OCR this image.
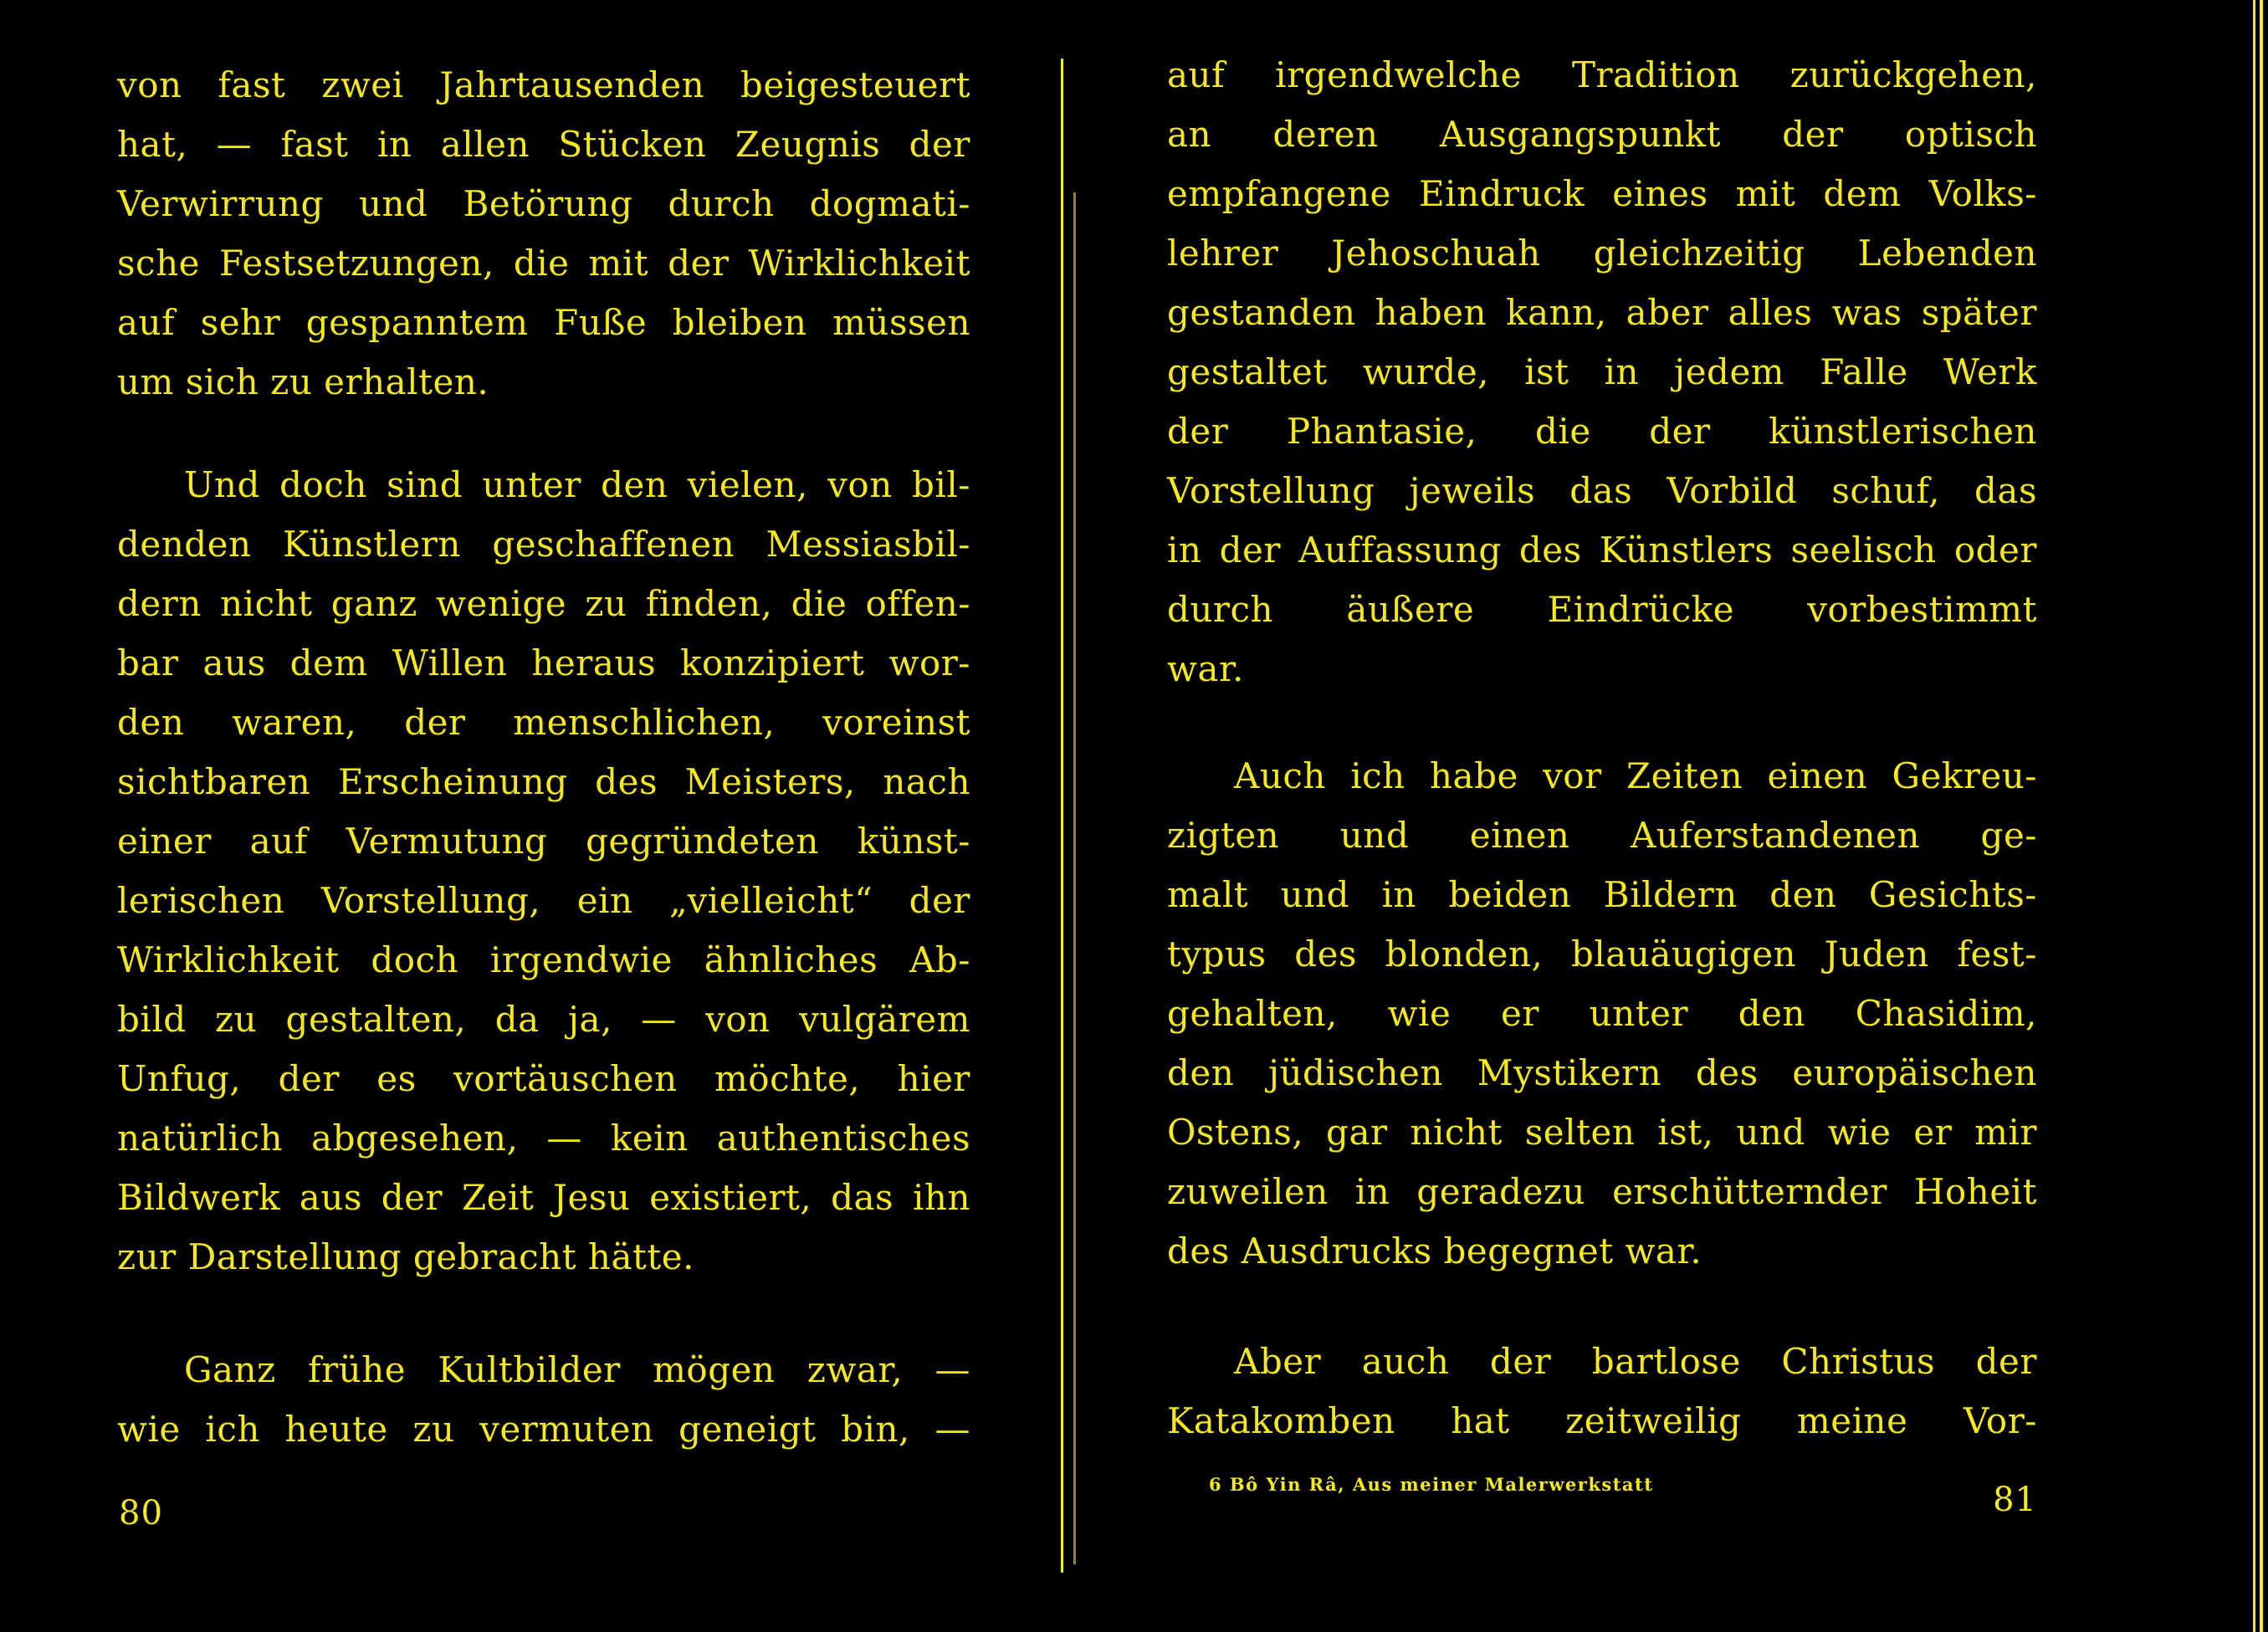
von fast zwei Jahrtausenden beigesteuert
hat, — fast in allen Stücken Zeugnis der
Verwirrung und Betörung durch dogmati-
sche Festsetzungen, die mit der Wirklichkeit
auf sehr gespanntem Fuße bleiben müssen
um sich zu erhalten.

Und doch sind unter den vielen, von bil-
denden Künstlern geschaffenen Messiasbil-
dern nicht ganz wenige zu finden, die offen-
bar aus dem Willen heraus konzipiert wor-
den waren, der menschlichen, voreinst
sichtbaren Erscheinung des Meisters, nach
einer auf Vermutung gegründeten künst-
lerischen Vorstellung, ein „vielleicht“ der
Wirklichkeit doch irgendwie ähnliches Ab-
bild zu gestalten, da ja, — von vulgärem
Unfug, der es vortäuschen möchte, hier
natürlich abgesehen, — kein authentisches
Bildwerk aus der Zeit Jesu existiert, das ihn
zur Darstellung gebracht hätte.

Ganz frühe Kultbilder mögen zwar, —
wie ich heute zu vermuten geneigt bin, —

80

auf irgendwelche Tradition zurückgehen,
an deren Ausgangspunkt der optisch
empfangene Eindruck eines mit dem Volks-
lehrer Jehoschuah gleichzeitig Lebenden
gestanden haben kann, aber alles was später
gestaltet wurde, ist in jedem Falle Werk
der Phantasie, die der künstlerischen
Vorstellung jeweils das Vorbild schuf, das
in der Auffassung des Künstlers seelisch oder
durch äußere Eindrücke vorbestimmt
war.

Auch ich habe vor Zeiten einen Gekreu-
zigten und einen Auferstandenen ge-
malt und in beiden Bildern den Gesichts-
typus des blonden, blauäugigen Juden fest-
gehalten, wie er unter den Chasidim,
den jüdischen Mystikern des europäischen
Ostens, gar nicht selten ist, und wie er mir
zuweilen in geradezu erschütternder Hoheit
des Ausdrucks begegnet war.

Aber auch der bartlose Christus der
Katakomben hat zeitweilig meine Vor-

6 Bô Yin Râ, Aus meiner Malerwerkstatt	81
